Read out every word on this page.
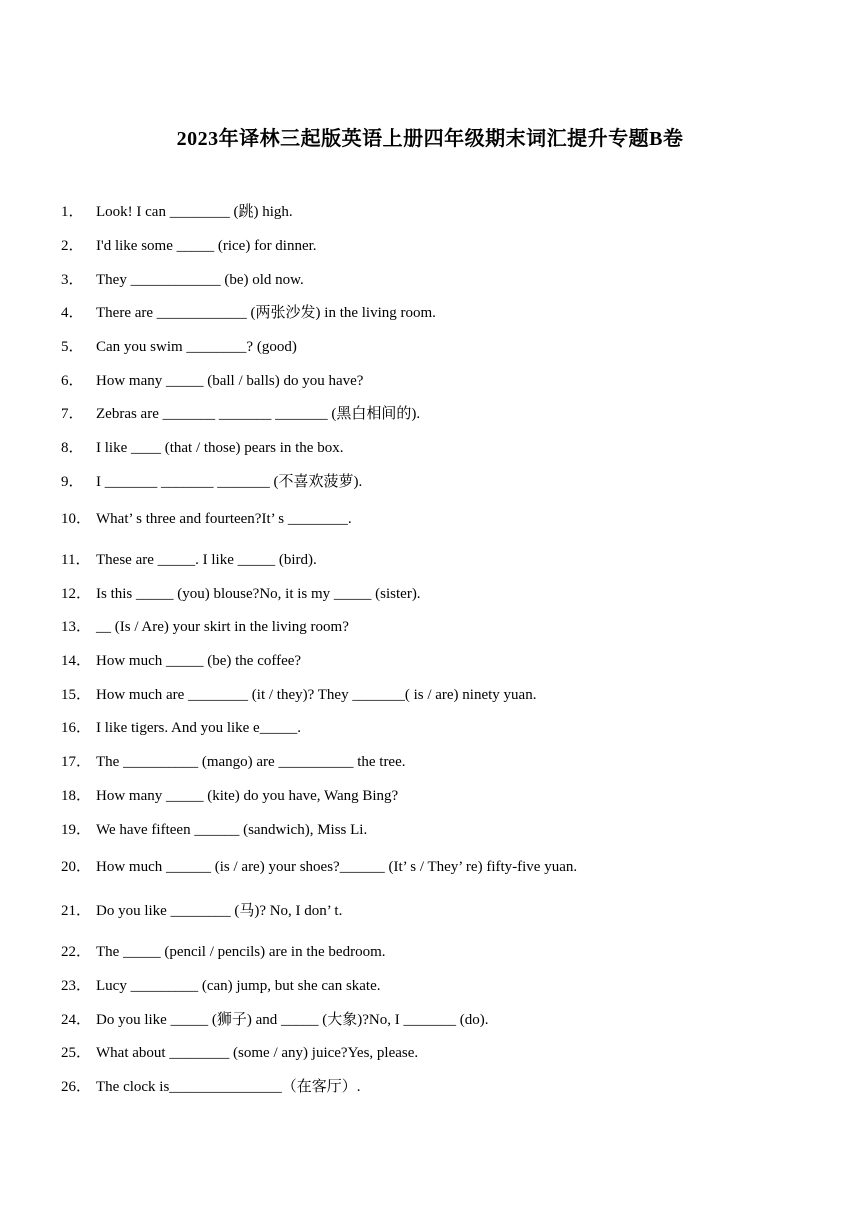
2023年译林三起版英语上册四年级期末词汇提升专题B卷
1． Look! I can ________ (跳) high.
2． I'd like some _____ (rice) for dinner.
3． They ____________ (be) old now.
4． There are ____________ (两张沙发) in the living room.
5． Can you swim ________? (good)
6． How many _____ (ball / balls) do you have?
7． Zebras are _______ _______ _______ (黑白相间的).
8． I like ____ (that / those) pears in the box.
9． I _______ _______ _______ (不喜欢菠萝).
10． What’ s three and fourteen?It’ s ________.
11． These are _____. I like _____ (bird).
12． Is this _____ (you) blouse?No, it is my _____ (sister).
13． __ (Is / Are) your skirt in the living room?
14． How much _____ (be) the coffee?
15． How much are ________ (it / they)? They _______( is / are) ninety yuan.
16． I like tigers. And you like e_____.
17． The __________ (mango) are __________ the tree.
18． How many _____ (kite) do you have, Wang Bing?
19． We have fifteen ______ (sandwich), Miss Li.
20． How much ______ (is / are) your shoes?______ (It’ s / They’ re) fifty-five yuan.
21． Do you like ________ (马)? No, I don’ t.
22． The _____ (pencil / pencils) are in the bedroom.
23． Lucy _________ (can) jump, but she can skate.
24． Do you like _____ (狮子) and _____ (大象)?No, I _______ (do).
25． What about ________ (some / any) juice?Yes, please.
26． The clock is_______________（在客厅）.
